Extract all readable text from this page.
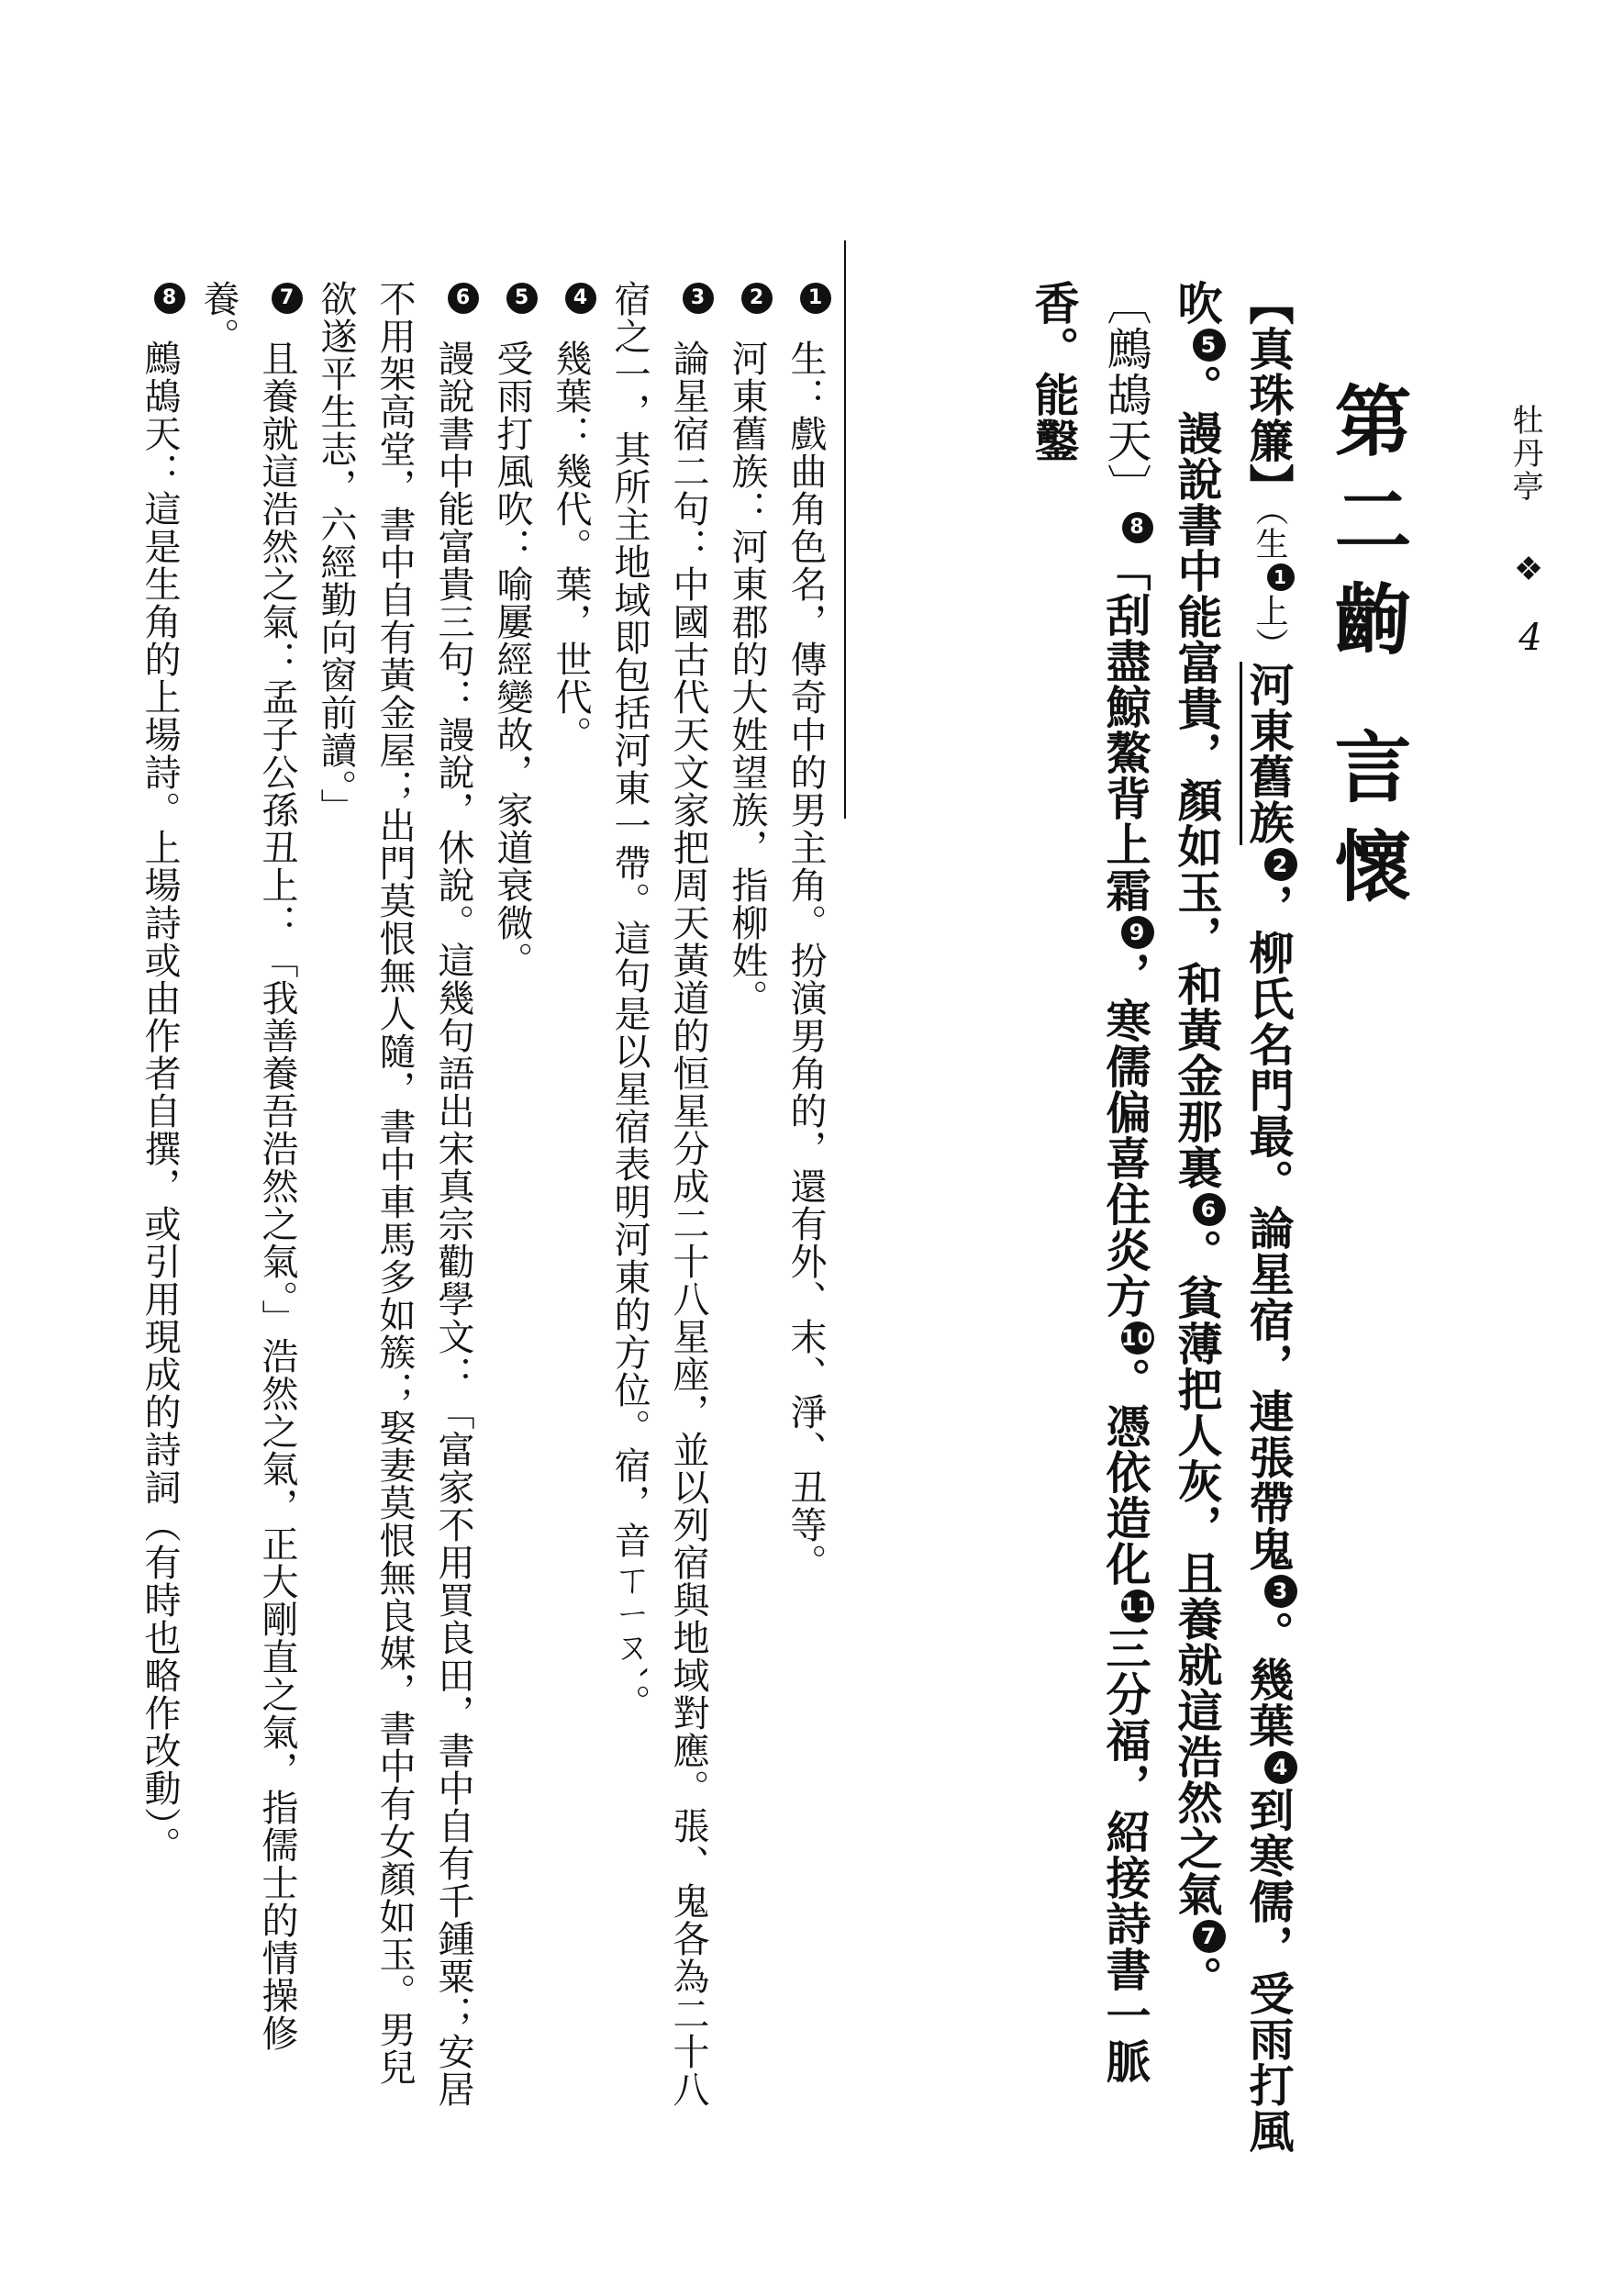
牡丹亭
❖
4
第二齣 言懷

【真珠簾】（生1上）河東舊族2，柳氏名門最。論星宿，連張帶鬼3。幾葉4到寒儒，受雨打風吹5。謾說書中能富貴，顏如玉，和黃金那裏6。貧薄把人灰，且養就這浩然之氣7。

〔鷓鴣天〕8「刮盡鯨鰲背上霜9，寒儒偏喜住炎方10。憑依造化11三分福，紹接詩書一脈香。能鑿

1生：戲曲角色名，傳奇中的男主角。扮演男角的，還有外、末、淨、丑等。

2河東舊族：河東郡的大姓望族，指柳姓。

3論星宿二句：中國古代天文家把周天黃道的恒星分成二十八星座，並以列宿與地域對應。張、鬼各為二十八宿之一，其所主地域即包括河東一帶。這句是以星宿表明河東的方位。宿，音ㄒㄧㄡˋ。

4幾葉：幾代。葉，世代。

5受雨打風吹：喻屢經變故，家道衰微。

6謾說書中能富貴三句：謾說，休說。這幾句語出宋真宗勸學文：「富家不用買良田，書中自有千鍾粟；安居不用架高堂，書中自有黃金屋；出門莫恨無人隨，書中車馬多如簇；娶妻莫恨無良媒，書中有女顏如玉。男兒欲遂平生志，六經勤向窗前讀。」

7且養就這浩然之氣：孟子公孫丑上：「我善養吾浩然之氣。」浩然之氣，正大剛直之氣，指儒士的情操修養。

8鷓鴣天：這是生角的上場詩。上場詩或由作者自撰，或引用現成的詩詞（有時也略作改動）。
